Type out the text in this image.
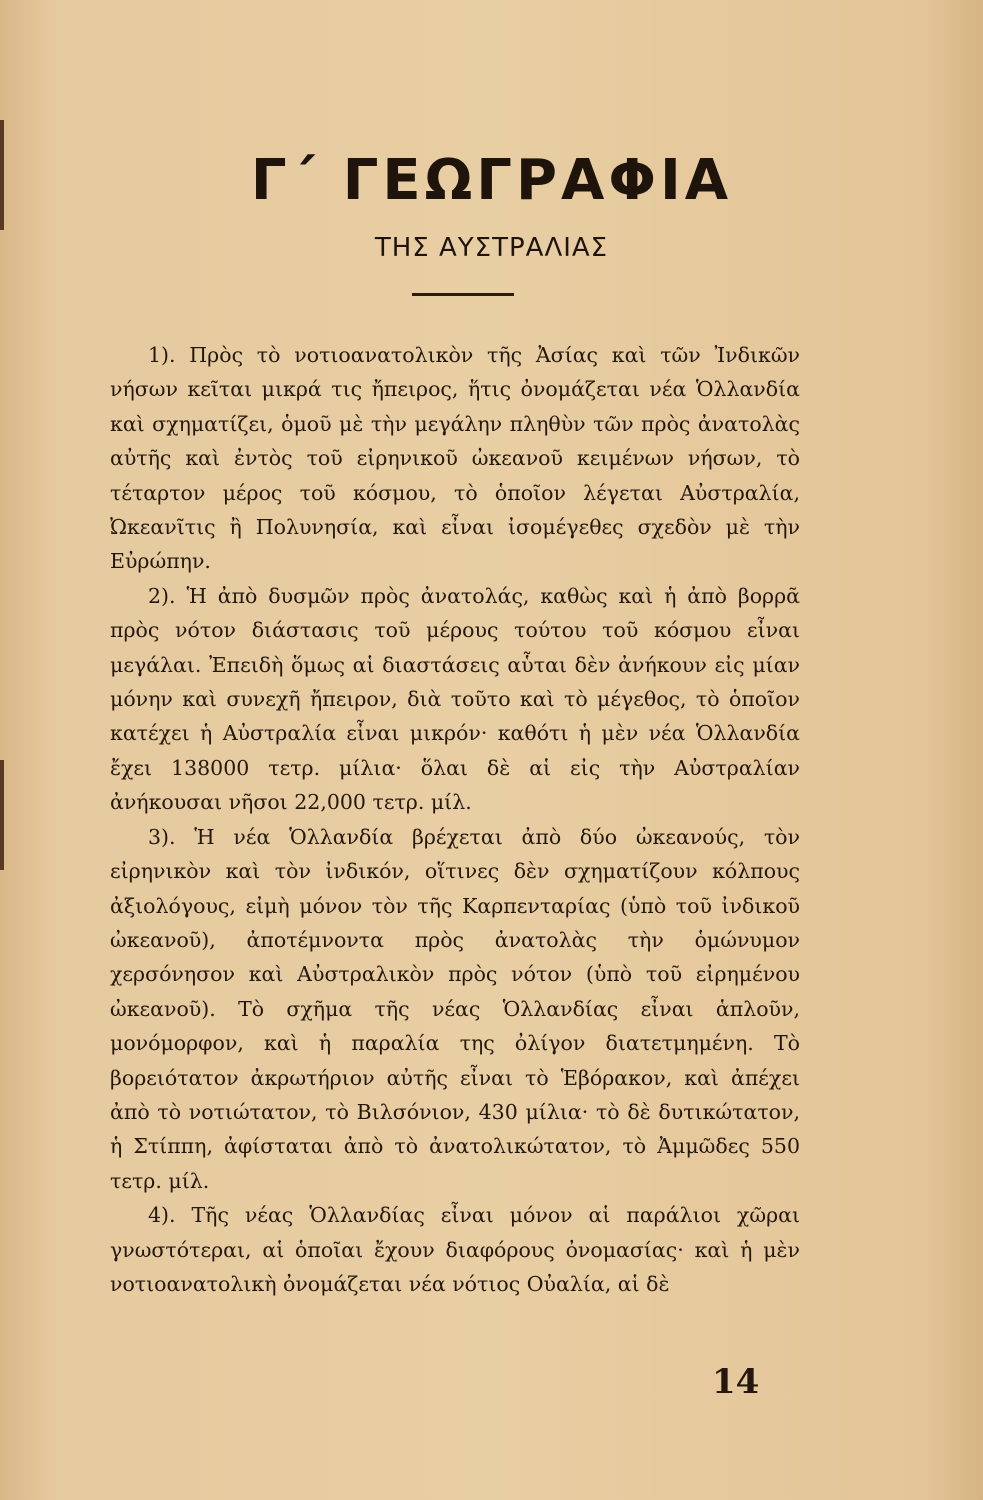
Γ΄ ΓΕΩΓΡΑΦΙΑ
ΤΗΣ ΑΥΣΤΡΑΛΙΑΣ

1). Πρὸς τὸ νοτιοανατολικὸν τῆς Ἀσίας καὶ τῶν Ἰνδικῶν νήσων κεῖται μικρά τις ἤπειρος, ἥτις ὀνομάζεται νέα Ὁλλανδία καὶ σχηματίζει, ὁμοῦ μὲ τὴν μεγάλην πληθὺν τῶν πρὸς ἀνατολὰς αὐτῆς καὶ ἐντὸς τοῦ εἰρηνικοῦ ὠκεανοῦ κειμένων νήσων, τὸ τέταρτον μέρος τοῦ κόσμου, τὸ ὁποῖον λέγεται Αὐστραλία, Ὠκεανῖτις ἢ Πολυνησία, καὶ εἶναι ἰσομέγεθες σχεδὸν μὲ τὴν Εὐρώπην.

2). Ἡ ἀπὸ δυσμῶν πρὸς ἀνατολάς, καθὼς καὶ ἡ ἀπὸ βορρᾶ πρὸς νότον διάστασις τοῦ μέρους τούτου τοῦ κόσμου εἶναι μεγάλαι. Ἐπειδὴ ὅμως αἱ διαστάσεις αὗται δὲν ἀνήκουν εἰς μίαν μόνην καὶ συνεχῆ ἤπειρον, διὰ τοῦτο καὶ τὸ μέγεθος, τὸ ὁποῖον κατέχει ἡ Αὐστραλία εἶναι μικρόν· καθότι ἡ μὲν νέα Ὁλλανδία ἔχει 138000 τετρ. μίλια· ὅλαι δὲ αἱ εἰς τὴν Αὐστραλίαν ἀνήκουσαι νῆσοι 22,000 τετρ. μίλ.

3). Ἡ νέα Ὁλλανδία βρέχεται ἀπὸ δύο ὠκεανούς, τὸν εἰρηνικὸν καὶ τὸν ἰνδικόν, οἵτινες δὲν σχηματίζουν κόλπους ἀξιολόγους, εἰμὴ μόνον τὸν τῆς Καρπενταρίας (ὑπὸ τοῦ ἰνδικοῦ ὠκεανοῦ), ἀποτέμνοντα πρὸς ἀνατολὰς τὴν ὁμώνυμον χερσόνησον καὶ Αὐστραλικὸν πρὸς νότον (ὑπὸ τοῦ εἰρημένου ὠκεανοῦ). Τὸ σχῆμα τῆς νέας Ὁλλανδίας εἶναι ἁπλοῦν, μονόμορφον, καὶ ἡ παραλία της ὀλίγον διατετμημένη. Τὸ βορειότατον ἀκρωτήριον αὐτῆς εἶναι τὸ Ἑβόρακον, καὶ ἀπέχει ἀπὸ τὸ νοτιώτατον, τὸ Βιλσόνιον, 430 μίλια· τὸ δὲ δυτικώτατον, ἡ Στίππη, ἀφίσταται ἀπὸ τὸ ἀνατολικώτατον, τὸ Ἀμμῶδες 550 τετρ. μίλ.

4). Τῆς νέας Ὁλλανδίας εἶναι μόνον αἱ παράλιοι χῶραι γνωστότεραι, αἱ ὁποῖαι ἔχουν διαφόρους ὀνομασίας· καὶ ἡ μὲν νοτιοανατολικὴ ὀνομάζεται νέα νότιος Οὐαλία, αἱ δὲ

14
